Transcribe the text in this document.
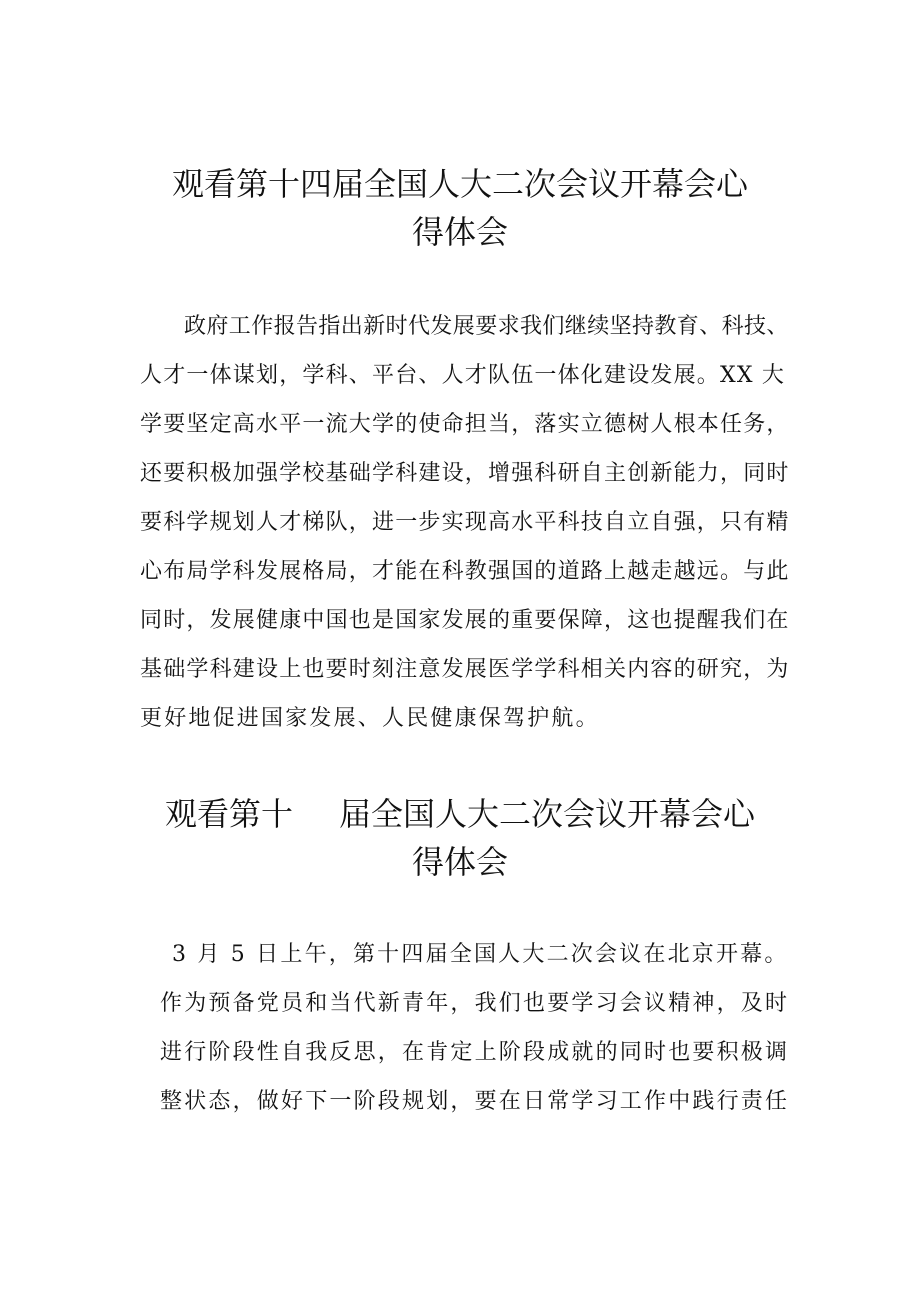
观看第十四届全国人大二次会议开幕会心
得体会
政府工作报告指出新时代发展要求我们继续坚持教育、科技、
人才一体谋划，学科、平台、人才队伍一体化建设发展。XX 大
学要坚定高水平一流大学的使命担当，落实立德树人根本任务，
还要积极加强学校基础学科建设，增强科研自主创新能力，同时
要科学规划人才梯队，进一步实现高水平科技自立自强，只有精
心布局学科发展格局，才能在科教强国的道路上越走越远。与此
同时，发展健康中国也是国家发展的重要保障，这也提醒我们在
基础学科建设上也要时刻注意发展医学学科相关内容的研究，为
更好地促进国家发展、人民健康保驾护航。
观看第十 届全国人大二次会议开幕会心
得体会
3 月 5 日上午，第十四届全国人大二次会议在北京开幕。
作为预备党员和当代新青年，我们也要学习会议精神，及时
进行阶段性自我反思，在肯定上阶段成就的同时也要积极调
整状态，做好下一阶段规划，要在日常学习工作中践行责任
